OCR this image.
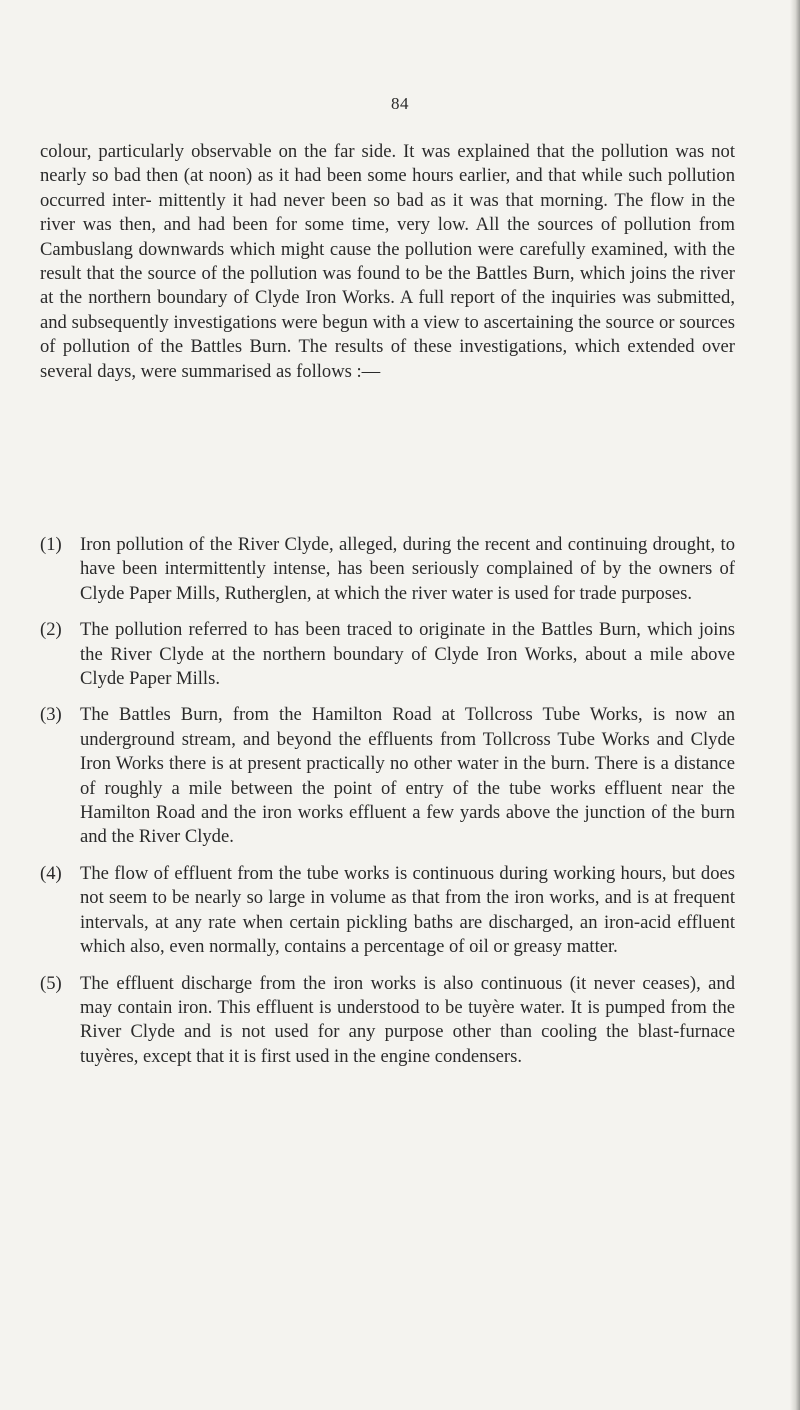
84

colour, particularly observable on the far side. It was explained that the pollution was not nearly so bad then (at noon) as it had been some hours earlier, and that while such pollution occurred inter- mittently it had never been so bad as it was that morning. The flow in the river was then, and had been for some time, very low. All the sources of pollution from Cambuslang downwards which might cause the pollution were carefully examined, with the result that the source of the pollution was found to be the Battles Burn, which joins the river at the northern boundary of Clyde Iron Works. A full report of the inquiries was submitted, and subsequently investigations were begun with a view to ascertaining the source or sources of pollution of the Battles Burn. The results of these investigations, which extended over several days, were summarised as follows :—

(1) Iron pollution of the River Clyde, alleged, during the recent and continuing drought, to have been intermittently intense, has been seriously complained of by the owners of Clyde Paper Mills, Rutherglen, at which the river water is used for trade purposes.
(2) The pollution referred to has been traced to originate in the Battles Burn, which joins the River Clyde at the northern boundary of Clyde Iron Works, about a mile above Clyde Paper Mills.
(3) The Battles Burn, from the Hamilton Road at Tollcross Tube Works, is now an underground stream, and beyond the effluents from Tollcross Tube Works and Clyde Iron Works there is at present practically no other water in the burn. There is a distance of roughly a mile between the point of entry of the tube works effluent near the Hamilton Road and the iron works effluent a few yards above the junction of the burn and the River Clyde.
(4) The flow of effluent from the tube works is continuous during working hours, but does not seem to be nearly so large in volume as that from the iron works, and is at frequent intervals, at any rate when certain pickling baths are discharged, an iron-acid effluent which also, even normally, contains a percentage of oil or greasy matter.
(5) The effluent discharge from the iron works is also continuous (it never ceases), and may contain iron. This effluent is understood to be tuyère water. It is pumped from the River Clyde and is not used for any purpose other than cooling the blast-furnace tuyères, except that it is first used in the engine condensers.
